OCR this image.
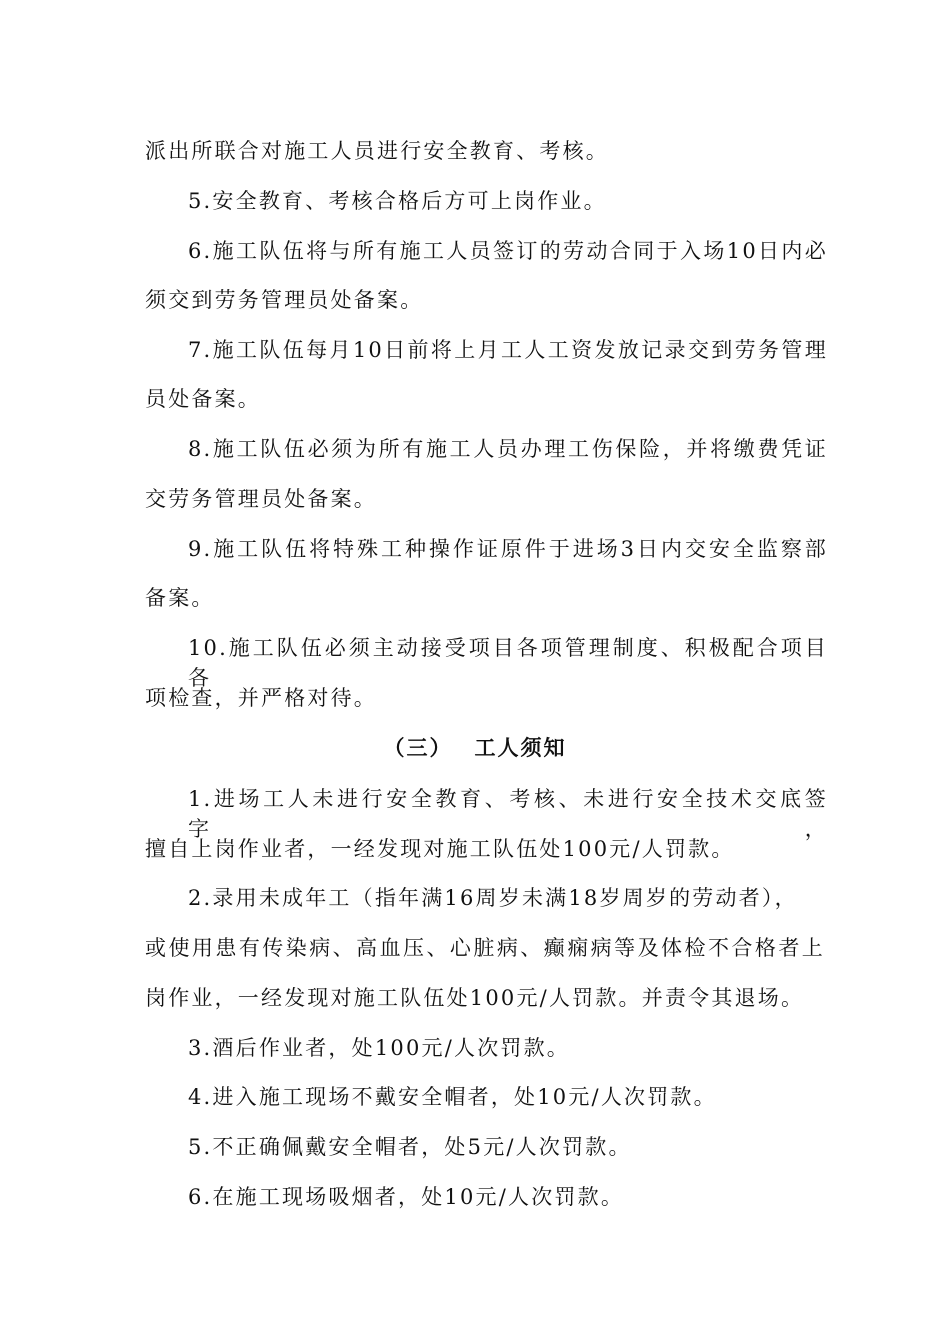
派出所联合对施工人员进行安全教育、考核。
5.安全教育、考核合格后方可上岗作业。
6.施工队伍将与所有施工人员签订的劳动合同于入场10日内必
须交到劳务管理员处备案。
7.施工队伍每月10日前将上月工人工资发放记录交到劳务管理
员处备案。
8.施工队伍必须为所有施工人员办理工伤保险，并将缴费凭证
交劳务管理员处备案。
9.施工队伍将特殊工种操作证原件于进场3日内交安全监察部
备案。
10.施工队伍必须主动接受项目各项管理制度、积极配合项目各
项检查，并严格对待。
（三） 工人须知
1.进场工人未进行安全教育、考核、未进行安全技术交底签字，
擅自上岗作业者，一经发现对施工队伍处100元/人罚款。
2.录用未成年工（指年满16周岁未满18岁周岁的劳动者），
或使用患有传染病、高血压、心脏病、癫痫病等及体检不合格者上
岗作业，一经发现对施工队伍处100元/人罚款。并责令其退场。
3.酒后作业者，处100元/人次罚款。
4.进入施工现场不戴安全帽者，处10元/人次罚款。
5.不正确佩戴安全帽者，处5元/人次罚款。
6.在施工现场吸烟者，处10元/人次罚款。
